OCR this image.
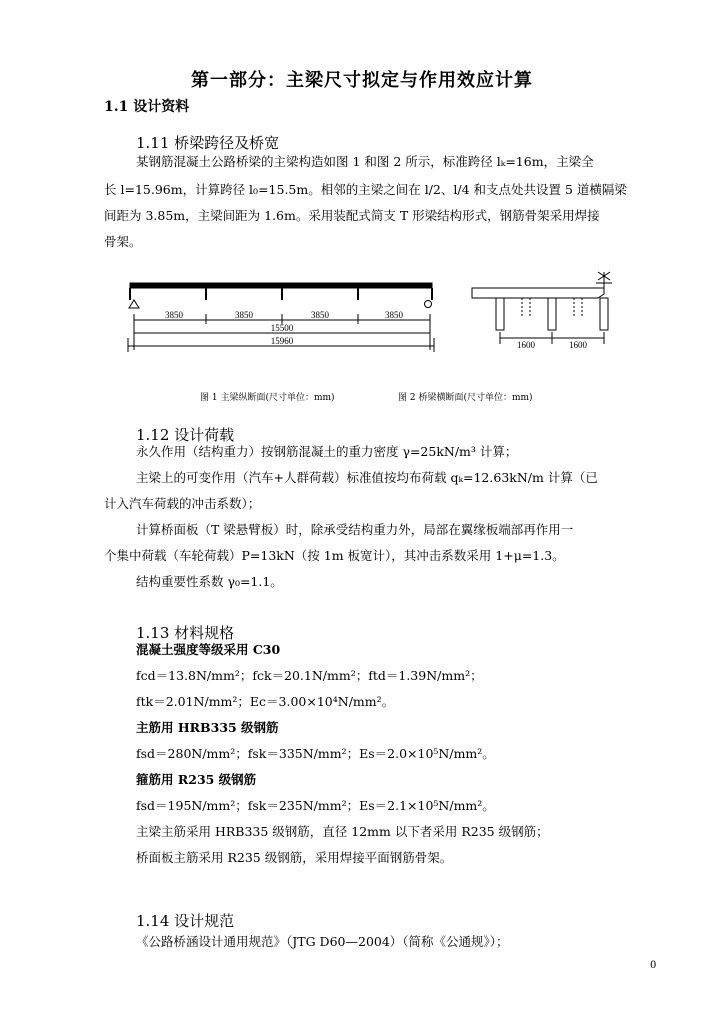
第一部分：主梁尺寸拟定与作用效应计算
1.1 设计资料
1.11 桥梁跨径及桥宽
某钢筋混凝土公路桥梁的主梁构造如图 1 和图 2 所示，标准跨径 lₖ=16m，主梁全
长 l=15.96m，计算跨径 l₀=15.5m。相邻的主梁之间在 l/2、l/4 和支点处共设置 5 道横隔梁
间距为 3.85m，主梁间距为 1.6m。采用装配式简支 T 形梁结构形式，钢筋骨架采用焊接
骨架。
3850	3850	3850	3850
15500
15960	1600	1600
图 1 主梁纵断面(尺寸单位：mm)	图 2 桥梁横断面(尺寸单位：mm)
1.12 设计荷载
永久作用（结构重力）按钢筋混凝土的重力密度 γ=25kN/m³ 计算；
主梁上的可变作用（汽车+人群荷载）标准值按均布荷载 qₖ=12.63kN/m 计算（已
计入汽车荷载的冲击系数）；
计算桥面板（T 梁悬臂板）时，除承受结构重力外，局部在翼缘板端部再作用一
个集中荷载（车轮荷载）P=13kN（按 1m 板宽计），其冲击系数采用 1+μ=1.3。
结构重要性系数 γ₀=1.1。
1.13 材料规格
混凝土强度等级采用 C30
fcd＝13.8N/mm²；fck＝20.1N/mm²；ftd＝1.39N/mm²；
ftk＝2.01N/mm²；Ec＝3.00×10⁴N/mm²。
主筋用 HRB335 级钢筋
fsd＝280N/mm²；fsk＝335N/mm²；Es＝2.0×10⁵N/mm²。
箍筋用 R235 级钢筋
fsd＝195N/mm²；fsk＝235N/mm²；Es＝2.1×10⁵N/mm²。
主梁主筋采用 HRB335 级钢筋，直径 12mm 以下者采用 R235 级钢筋；
桥面板主筋采用 R235 级钢筋，采用焊接平面钢筋骨架。
1.14 设计规范
《公路桥涵设计通用规范》（JTG D60—2004）（简称《公通规》）；
0
